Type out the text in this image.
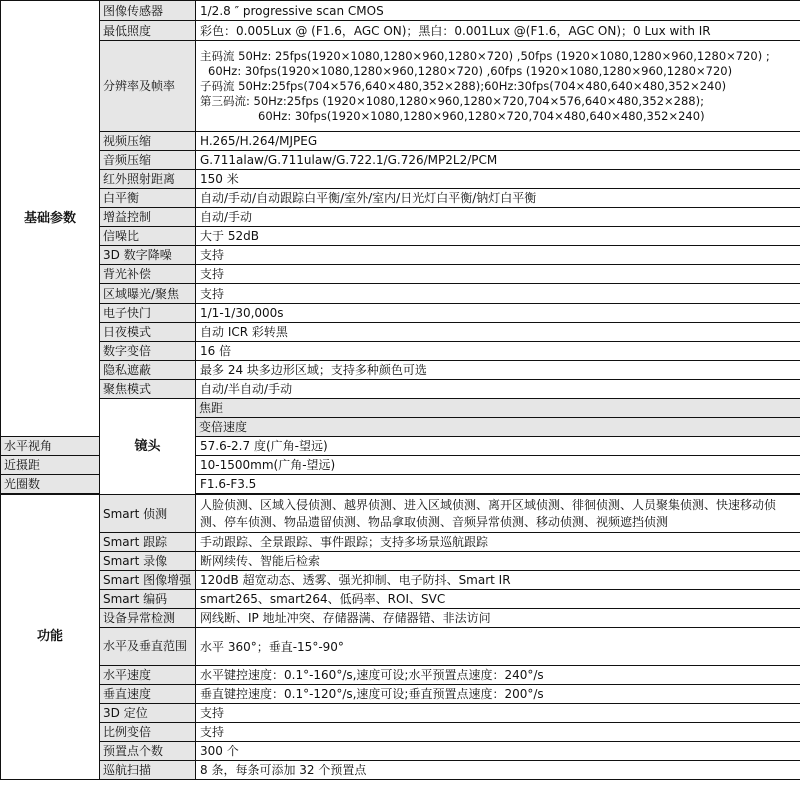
基础参数	图像传感器	1/2.8 ″ progressive scan CMOS	
	最低照度	彩色：0.005Lux @ (F1.6，AGC ON)；黑白：0.001Lux @(F1.6，AGC ON)；0 Lux with IR	
	分辨率及帧率	主码流 50Hz: 25fps(1920×1080,1280×960,1280×720) ,50fps (1920×1080,1280×960,1280×720) ;
60Hz: 30fps(1920×1080,1280×960,1280×720) ,60fps (1920×1080,1280×960,1280×720)
子码流 50Hz:25fps(704×576,640×480,352×288);60Hz:30fps(704×480,640×480,352×240)
第三码流: 50Hz:25fps (1920×1080,1280×960,1280×720,704×576,640×480,352×288);
60Hz: 30fps(1920×1080,1280×960,1280×720,704×480,640×480,352×240)	

	视频压缩	H.265/H.264/MJPEG	
	音频压缩	G.711alaw/G.711ulaw/G.722.1/G.726/MP2L2/PCM	
	红外照射距离	150 米	
	白平衡	自动/手动/自动跟踪白平衡/室外/室内/日光灯白平衡/钠灯白平衡	
	增益控制	自动/手动	
	信噪比	大于 52dB	
	3D 数字降噪	支持	
	背光补偿	支持	
	区域曝光/聚焦	支持	
	电子快门	1/1-1/30,000s	
	日夜模式	自动 ICR 彩转黑	
	数字变倍	16 倍	
	隐私遮蔽	最多 24 块多边形区域；支持多种颜色可选	
	聚焦模式	自动/半自动/手动	
	镜头	焦距	
		变倍速度	
水平视角		57.6-2.7 度(广角-望远)	
近摄距		10-1500mm(广角-望远)	
光圈数		F1.6-F3.5	

功能	Smart 侦测	人脸侦测、区域入侵侦测、越界侦测、进入区域侦测、离开区域侦测、徘徊侦测、人员聚集侦测、快速移动侦测、停车侦测、物品遗留侦测、物品拿取侦测、音频异常侦测、移动侦测、视频遮挡侦测	
	Smart 跟踪	手动跟踪、全景跟踪、事件跟踪；支持多场景巡航跟踪	
	Smart 录像	断网续传、智能后检索	
	Smart 图像增强	120dB 超宽动态、透雾、强光抑制、电子防抖、Smart IR	
	Smart 编码	smart265、smart264、低码率、ROI、SVC	
	设备异常检测	网线断、IP 地址冲突、存储器满、存储器错、非法访问	
	水平及垂直范围	水平 360°；垂直-15°-90°	
	水平速度	水平键控速度：0.1°-160°/s,速度可设;水平预置点速度：240°/s	
	垂直速度	垂直键控速度：0.1°-120°/s,速度可设;垂直预置点速度：200°/s	
	3D 定位	支持	
	比例变倍	支持	
	预置点个数	300 个	
	巡航扫描	8 条，每条可添加 32 个预置点	
